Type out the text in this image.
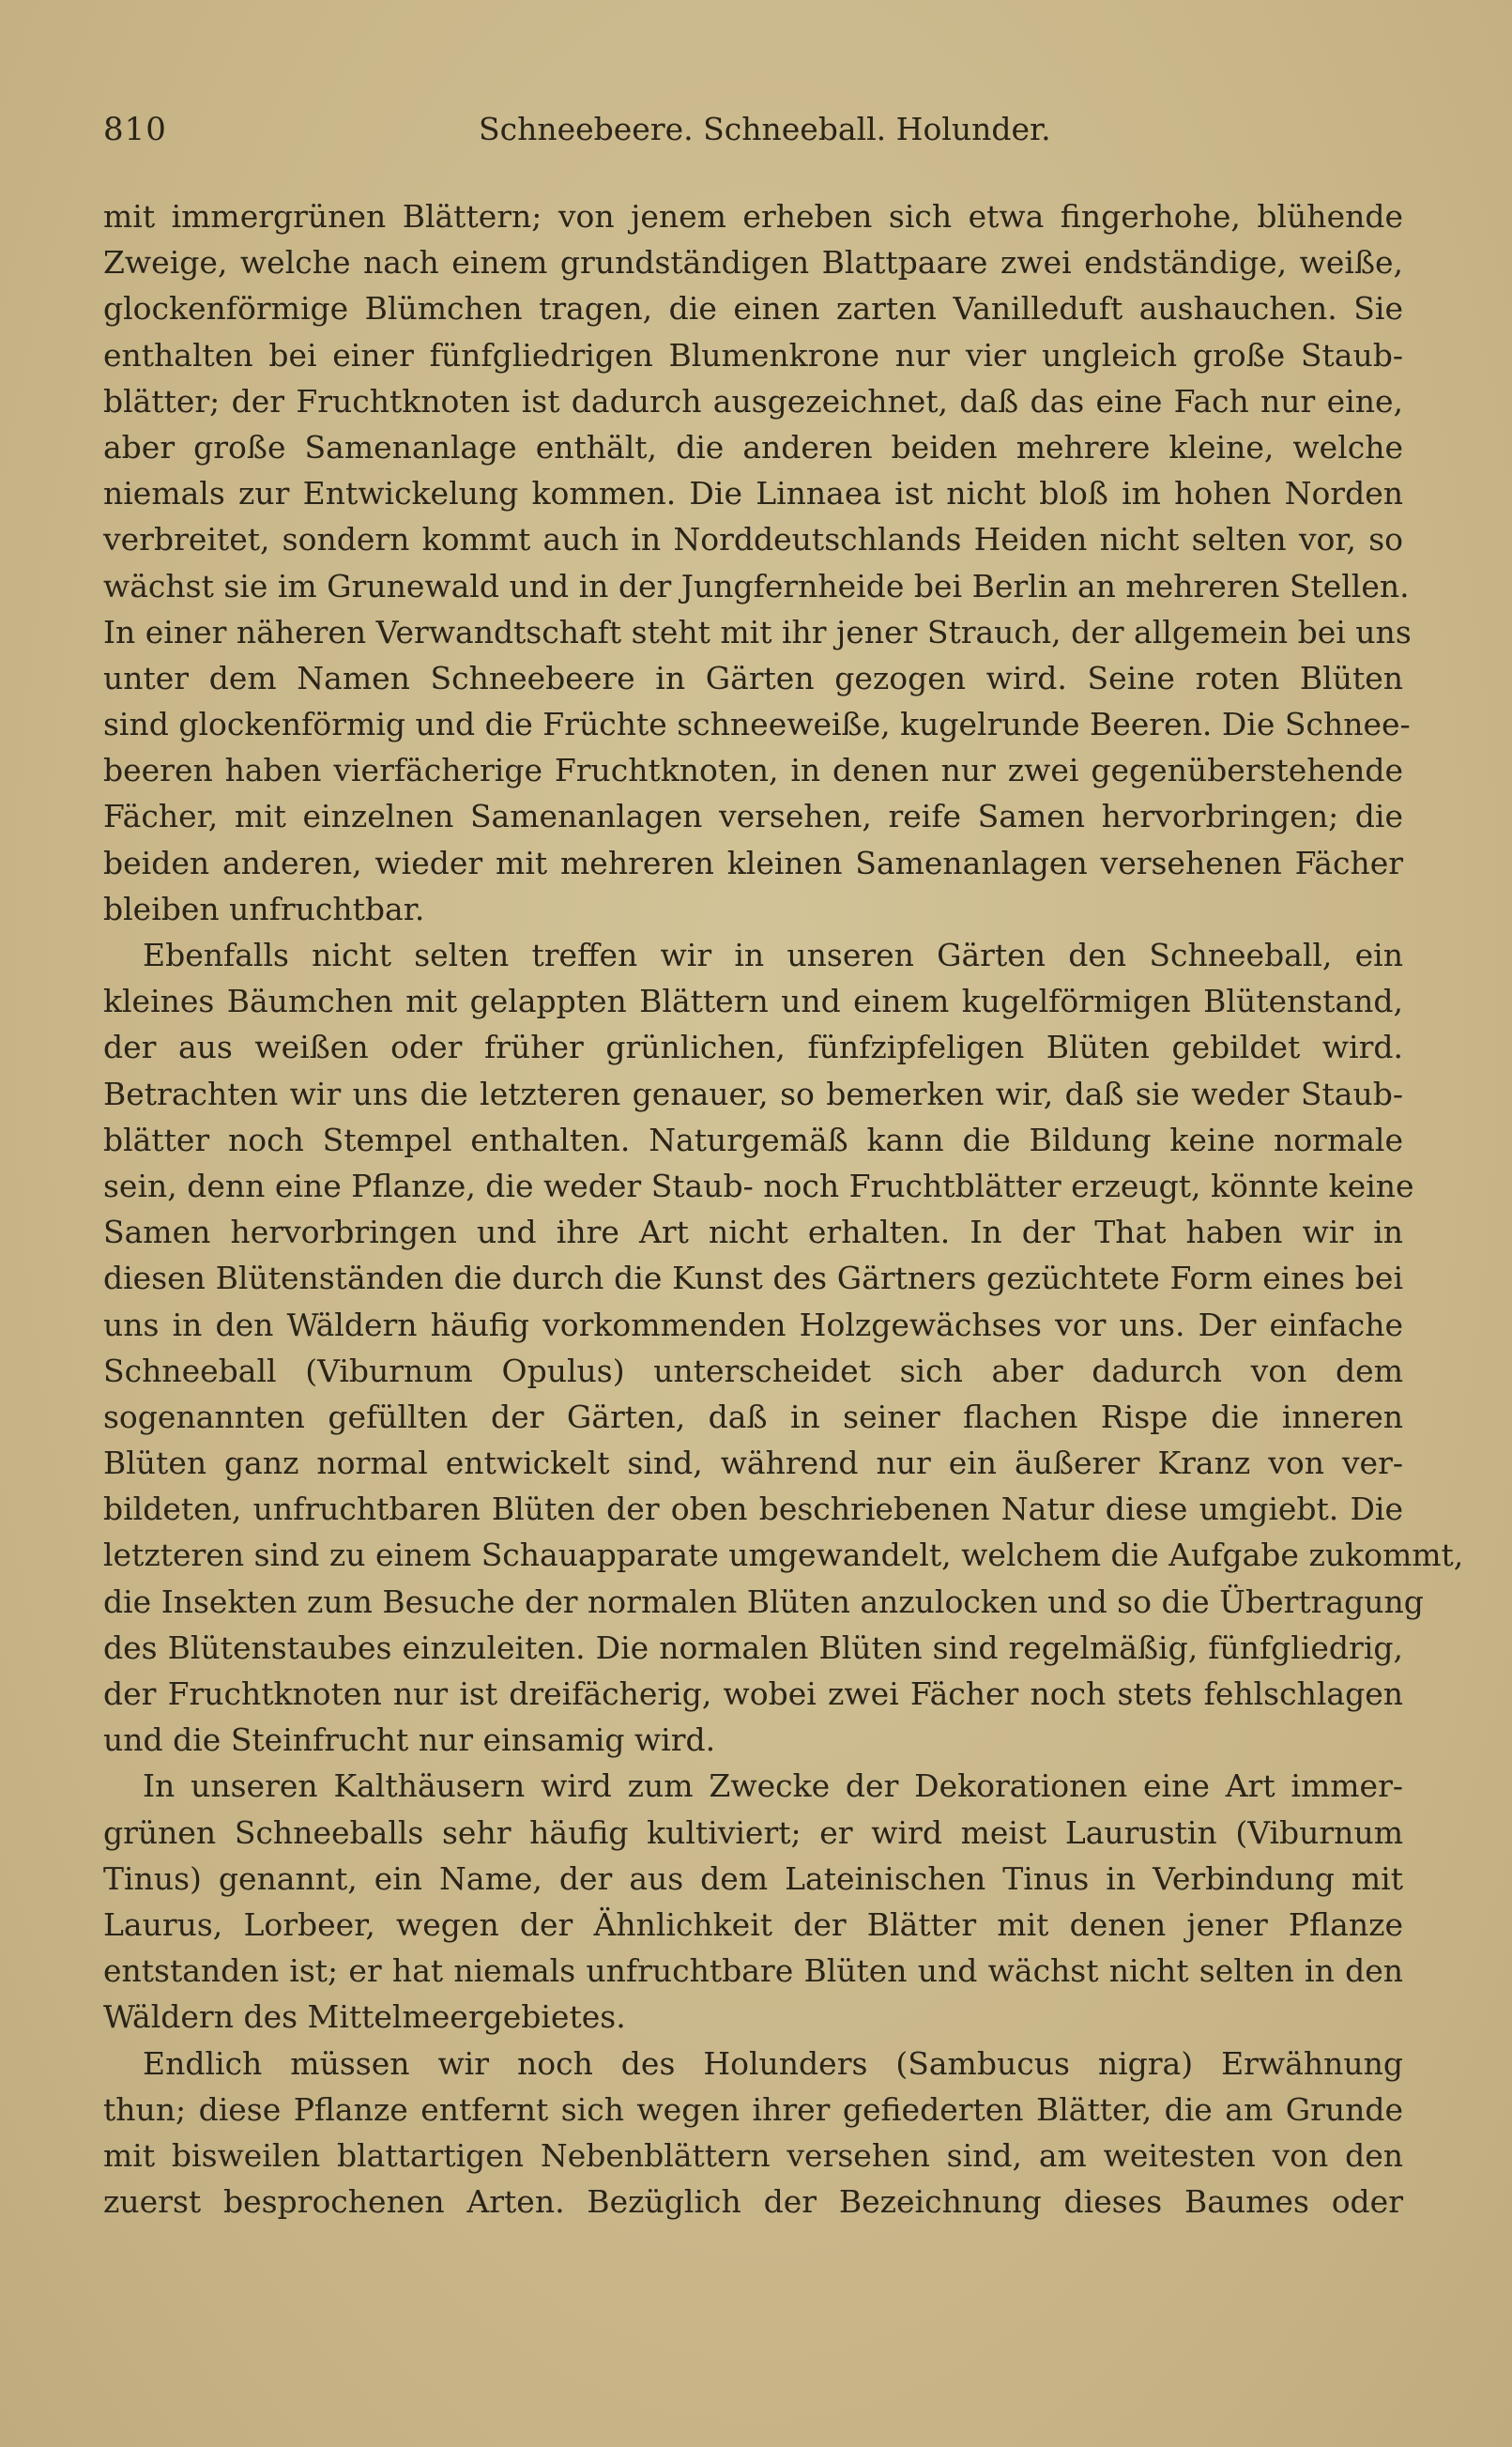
810	Schneebeere. Schneeball. Holunder.

mit immergrünen Blättern; von jenem erheben sich etwa fingerhohe, blühende
Zweige, welche nach einem grundständigen Blattpaare zwei endständige, weiße,
glockenförmige Blümchen tragen, die einen zarten Vanilleduft aushauchen. Sie
enthalten bei einer fünfgliedrigen Blumenkrone nur vier ungleich große Staub-
blätter; der Fruchtknoten ist dadurch ausgezeichnet, daß das eine Fach nur eine,
aber große Samenanlage enthält, die anderen beiden mehrere kleine, welche
niemals zur Entwickelung kommen. Die Linnaea ist nicht bloß im hohen Norden
verbreitet, sondern kommt auch in Norddeutschlands Heiden nicht selten vor, so
wächst sie im Grunewald und in der Jungfernheide bei Berlin an mehreren Stellen.
In einer näheren Verwandtschaft steht mit ihr jener Strauch, der allgemein bei uns
unter dem Namen Schneebeere in Gärten gezogen wird. Seine roten Blüten
sind glockenförmig und die Früchte schneeweiße, kugelrunde Beeren. Die Schnee-
beeren haben vierfächerige Fruchtknoten, in denen nur zwei gegenüberstehende
Fächer, mit einzelnen Samenanlagen versehen, reife Samen hervorbringen; die
beiden anderen, wieder mit mehreren kleinen Samenanlagen versehenen Fächer
bleiben unfruchtbar.

Ebenfalls nicht selten treffen wir in unseren Gärten den Schneeball, ein
kleines Bäumchen mit gelappten Blättern und einem kugelförmigen Blütenstand,
der aus weißen oder früher grünlichen, fünfzipfeligen Blüten gebildet wird.
Betrachten wir uns die letzteren genauer, so bemerken wir, daß sie weder Staub-
blätter noch Stempel enthalten. Naturgemäß kann die Bildung keine normale
sein, denn eine Pflanze, die weder Staub- noch Fruchtblätter erzeugt, könnte keine
Samen hervorbringen und ihre Art nicht erhalten. In der That haben wir in
diesen Blütenständen die durch die Kunst des Gärtners gezüchtete Form eines bei
uns in den Wäldern häufig vorkommenden Holzgewächses vor uns. Der einfache
Schneeball (Viburnum Opulus) unterscheidet sich aber dadurch von dem
sogenannten gefüllten der Gärten, daß in seiner flachen Rispe die inneren
Blüten ganz normal entwickelt sind, während nur ein äußerer Kranz von ver-
bildeten, unfruchtbaren Blüten der oben beschriebenen Natur diese umgiebt. Die
letzteren sind zu einem Schauapparate umgewandelt, welchem die Aufgabe zukommt,
die Insekten zum Besuche der normalen Blüten anzulocken und so die Übertragung
des Blütenstaubes einzuleiten. Die normalen Blüten sind regelmäßig, fünfgliedrig,
der Fruchtknoten nur ist dreifächerig, wobei zwei Fächer noch stets fehlschlagen
und die Steinfrucht nur einsamig wird.

In unseren Kalthäusern wird zum Zwecke der Dekorationen eine Art immer-
grünen Schneeballs sehr häufig kultiviert; er wird meist Laurustin (Viburnum
Tinus) genannt, ein Name, der aus dem Lateinischen Tinus in Verbindung mit
Laurus, Lorbeer, wegen der Ähnlichkeit der Blätter mit denen jener Pflanze
entstanden ist; er hat niemals unfruchtbare Blüten und wächst nicht selten in den
Wäldern des Mittelmeergebietes.

Endlich müssen wir noch des Holunders (Sambucus nigra) Erwähnung
thun; diese Pflanze entfernt sich wegen ihrer gefiederten Blätter, die am Grunde
mit bisweilen blattartigen Nebenblättern versehen sind, am weitesten von den
zuerst besprochenen Arten. Bezüglich der Bezeichnung dieses Baumes oder
